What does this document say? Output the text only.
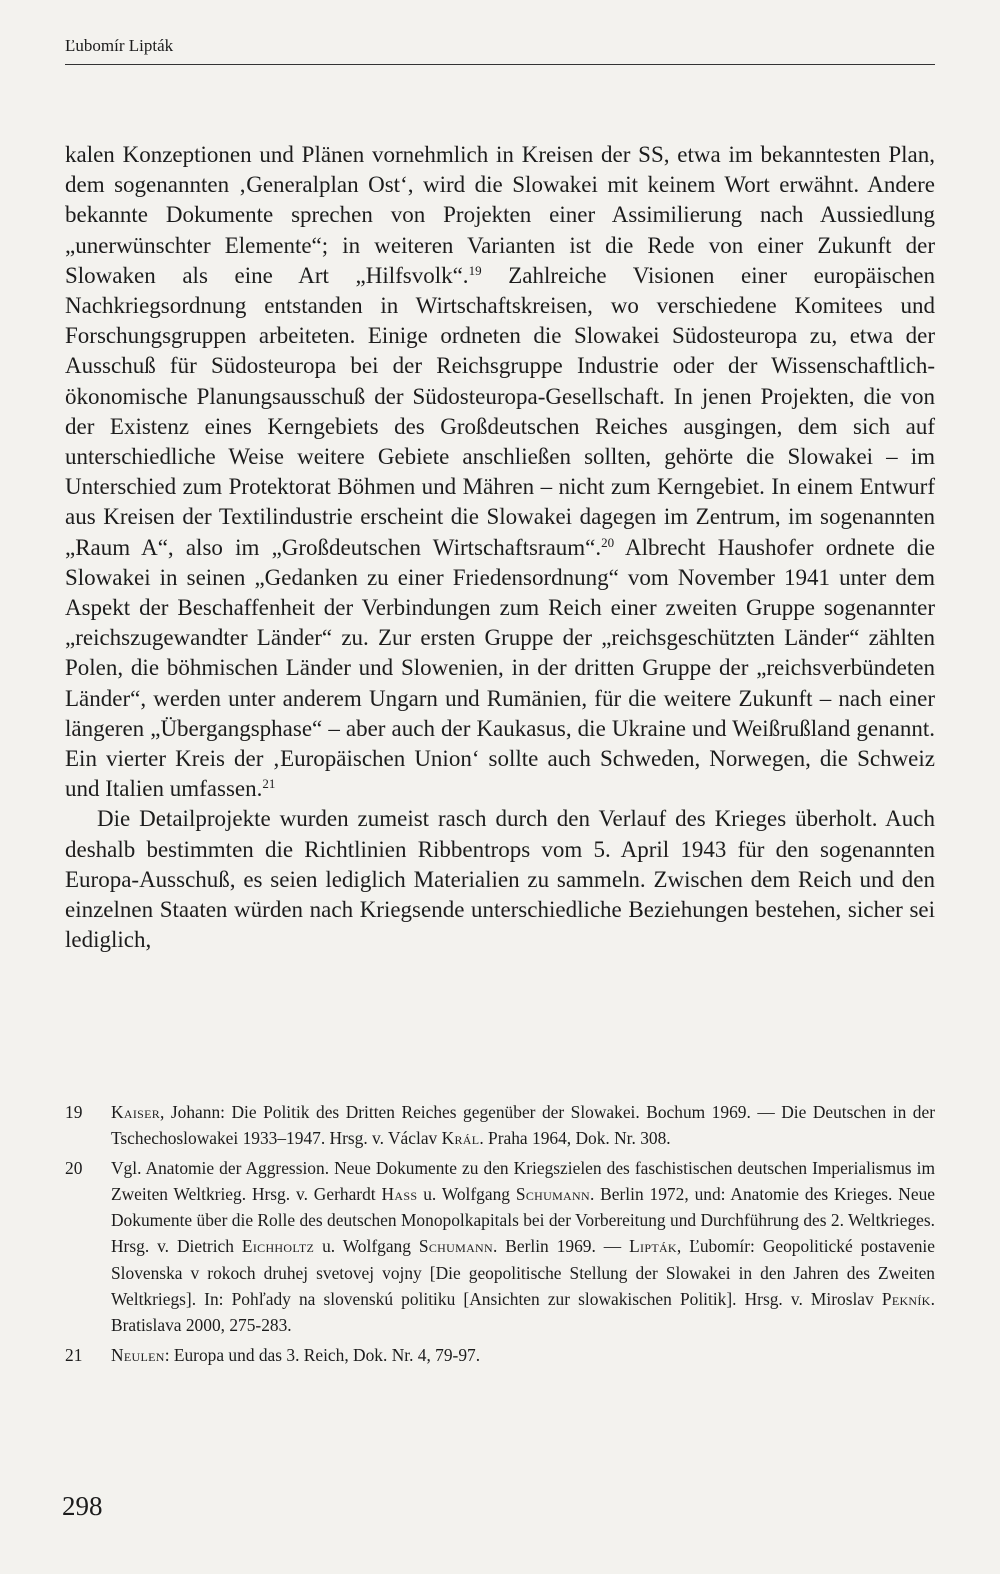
Ľubomír Lipták

kalen Konzeptionen und Plänen vornehmlich in Kreisen der SS, etwa im bekanntesten Plan, dem sogenannten ‚Generalplan Ost‘, wird die Slowakei mit keinem Wort erwähnt. Andere bekannte Dokumente sprechen von Projekten einer Assimilierung nach Aussiedlung „unerwünschter Elemente“; in weiteren Varianten ist die Rede von einer Zukunft der Slowaken als eine Art „Hilfsvolk“.$^{19}$ Zahlreiche Visionen einer europäischen Nachkriegsordnung entstanden in Wirtschaftskreisen, wo verschiedene Komitees und Forschungsgruppen arbeiteten. Einige ordneten die Slowakei Südosteuropa zu, etwa der Ausschuß für Südosteuropa bei der Reichsgruppe Industrie oder der Wissenschaftlich-ökonomische Planungsausschuß der Südosteuropa-Gesellschaft. In jenen Projekten, die von der Existenz eines Kerngebiets des Großdeutschen Reiches ausgingen, dem sich auf unterschiedliche Weise weitere Gebiete anschließen sollten, gehörte die Slowakei – im Unterschied zum Protektorat Böhmen und Mähren – nicht zum Kerngebiet. In einem Entwurf aus Kreisen der Textilindustrie erscheint die Slowakei dagegen im Zentrum, im sogenannten „Raum A“, also im „Großdeutschen Wirtschaftsraum“.$^{20}$ Albrecht Haushofer ordnete die Slowakei in seinen „Gedanken zu einer Friedensordnung“ vom November 1941 unter dem Aspekt der Beschaffenheit der Verbindungen zum Reich einer zweiten Gruppe sogenannter „reichszugewandter Länder“ zu. Zur ersten Gruppe der „reichsgeschützten Länder“ zählten Polen, die böhmischen Länder und Slowenien, in der dritten Gruppe der „reichsverbündeten Länder“, werden unter anderem Ungarn und Rumänien, für die weitere Zukunft – nach einer längeren „Übergangsphase“ – aber auch der Kaukasus, die Ukraine und Weißrußland genannt. Ein vierter Kreis der ‚Europäischen Union‘ sollte auch Schweden, Norwegen, die Schweiz und Italien umfassen.$^{21}$

Die Detailprojekte wurden zumeist rasch durch den Verlauf des Krieges überholt. Auch deshalb bestimmten die Richtlinien Ribbentrops vom 5. April 1943 für den sogenannten Europa-Ausschuß, es seien lediglich Materialien zu sammeln. Zwischen dem Reich und den einzelnen Staaten würden nach Kriegsende unterschiedliche Beziehungen bestehen, sicher sei lediglich,

19 Kaiser, Johann: Die Politik des Dritten Reiches gegenüber der Slowakei. Bochum 1969. — Die Deutschen in der Tschechoslowakei 1933–1947. Hrsg. v. Václav Král. Praha 1964, Dok. Nr. 308.
20 Vgl. Anatomie der Aggression. Neue Dokumente zu den Kriegszielen des faschistischen deutschen Imperialismus im Zweiten Weltkrieg. Hrsg. v. Gerhardt Hass u. Wolfgang Schumann. Berlin 1972, und: Anatomie des Krieges. Neue Dokumente über die Rolle des deutschen Monopolkapitals bei der Vorbereitung und Durchführung des 2. Weltkrieges. Hrsg. v. Dietrich Eichholtz u. Wolfgang Schumann. Berlin 1969. — Lipták, Ľubomír: Geopolitické postavenie Slovenska v rokoch druhej svetovej vojny [Die geopolitische Stellung der Slowakei in den Jahren des Zweiten Weltkriegs]. In: Pohľady na slovenskú politiku [Ansichten zur slowakischen Politik]. Hrsg. v. Miroslav Pekník. Bratislava 2000, 275-283.
21 Neulen: Europa und das 3. Reich, Dok. Nr. 4, 79-97.
298
